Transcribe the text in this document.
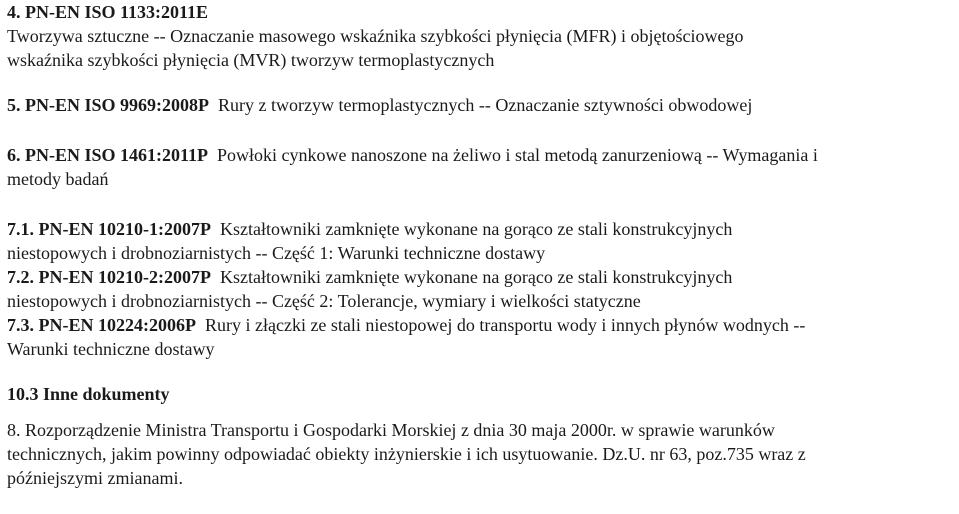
4. PN-EN ISO 1133:2011E
Tworzywa sztuczne -- Oznaczanie masowego wskaźnika szybkości płynięcia (MFR) i objętościowego
wskaźnika szybkości płynięcia (MVR) tworzyw termoplastycznych
5. PN-EN ISO 9969:2008P Rury z tworzyw termoplastycznych -- Oznaczanie sztywności obwodowej
6. PN-EN ISO 1461:2011P Powłoki cynkowe nanoszone na żeliwo i stal metodą zanurzeniową -- Wymagania i
metody badań
7.1. PN-EN 10210-1:2007P Kształtowniki zamknięte wykonane na gorąco ze stali konstrukcyjnych
niestopowych i drobnoziarnistych -- Część 1: Warunki techniczne dostawy
7.2. PN-EN 10210-2:2007P Kształtowniki zamknięte wykonane na gorąco ze stali konstrukcyjnych
niestopowych i drobnoziarnistych -- Część 2: Tolerancje, wymiary i wielkości statyczne
7.3. PN-EN 10224:2006P Rury i złączki ze stali niestopowej do transportu wody i innych płynów wodnych --
Warunki techniczne dostawy
10.3 Inne dokumenty
8. Rozporządzenie Ministra Transportu i Gospodarki Morskiej z dnia 30 maja 2000r. w sprawie warunków
technicznych, jakim powinny odpowiadać obiekty inżynierskie i ich usytuowanie. Dz.U. nr 63, poz.735 wraz z
późniejszymi zmianami.
